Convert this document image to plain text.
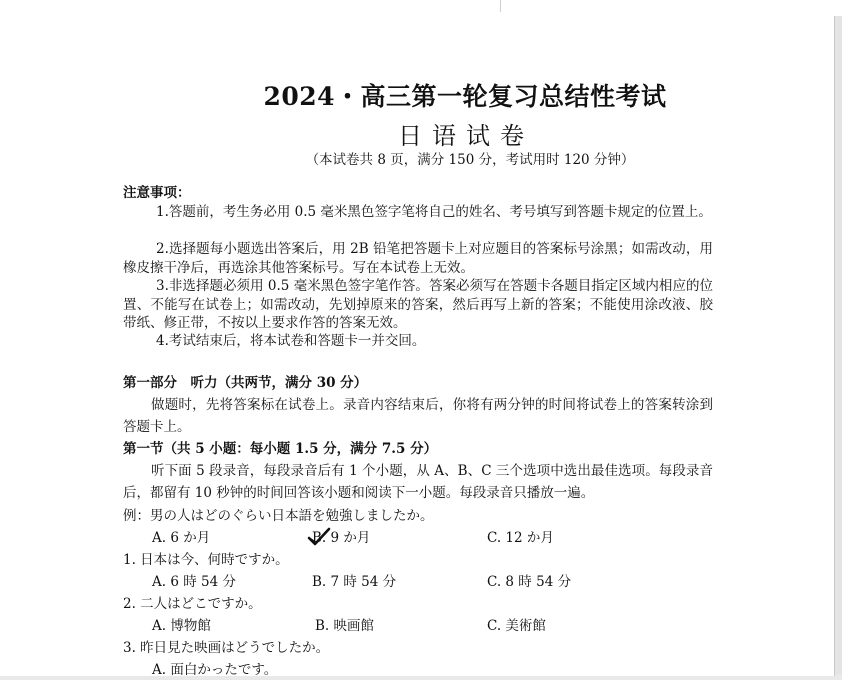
2024・高三第一轮复习总结性考试
日语试卷
（本试卷共 8 页，满分 150 分，考试用时 120 分钟）
注意事项：
1.答题前，考生务必用 0.5 毫米黑色签字笔将自己的姓名、考号填写到答题卡规定的位置上。
2.选择题每小题选出答案后，用 2B 铅笔把答题卡上对应题目的答案标号涂黑；如需改动，用橡皮擦干净后，再选涂其他答案标号。写在本试卷上无效。
3.非选择题必须用 0.5 毫米黑色签字笔作答。答案必须写在答题卡各题目指定区域内相应的位置、不能写在试卷上；如需改动，先划掉原来的答案，然后再写上新的答案；不能使用涂改液、胶带纸、修正带，不按以上要求作答的答案无效。
4.考试结束后，将本试卷和答题卡一并交回。
第一部分　听力（共两节，满分 30 分）
做题时，先将答案标在试卷上。录音内容结束后，你将有两分钟的时间将试卷上的答案转涂到答题卡上。
第一节（共 5 小题：每小题 1.5 分，满分 7.5 分）
听下面 5 段录音，每段录音后有 1 个小题，从 A、B、C 三个选项中选出最佳选项。每段录音后，都留有 10 秒钟的时间回答该小题和阅读下一小题。每段录音只播放一遍。
例：男の人はどのぐらい日本語を勉強しましたか。
A. 6 か月	B. 9 か月	C. 12 か月
1. 日本は今、何時ですか。
A. 6 時 54 分	B. 7 時 54 分	C. 8 時 54 分
2. 二人はどこですか。
A. 博物館	B. 映画館	C. 美術館
3. 昨日見た映画はどうでしたか。
A. 面白かったです。
